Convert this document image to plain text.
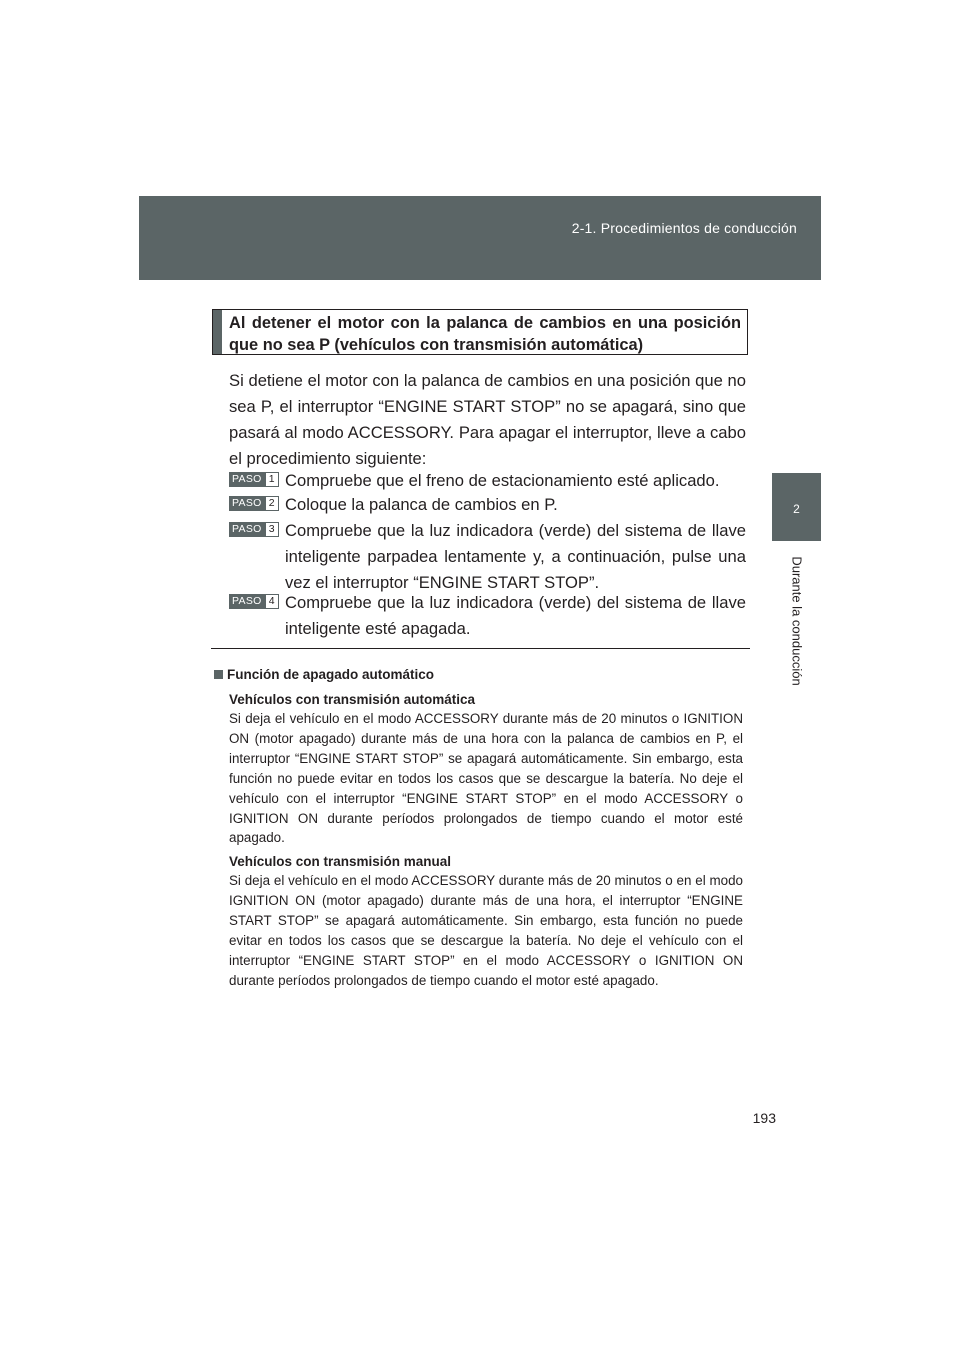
2-1. Procedimientos de conducción
2
Durante la conducción
Al detener el motor con la palanca de cambios en una posición que no sea P (vehículos con transmisión automática)

Si detiene el motor con la palanca de cambios en una posición que no sea P, el interruptor “ENGINE START STOP” no se apagará, sino que pasará al modo ACCESSORY. Para apagar el interruptor, lleve a cabo el procedimiento siguiente:

PASO 1 Compruebe que el freno de estacionamiento esté aplicado.
PASO 2 Coloque la palanca de cambios en P.
PASO 3 Compruebe que la luz indicadora (verde) del sistema de llave inteligente parpadea lentamente y, a continuación, pulse una vez el interruptor “ENGINE START STOP”.
PASO 4 Compruebe que la luz indicadora (verde) del sistema de llave inteligente esté apagada.
Función de apagado automático
Vehículos con transmisión automática

Si deja el vehículo en el modo ACCESSORY durante más de 20 minutos o IGNITION ON (motor apagado) durante más de una hora con la palanca de cambios en P, el interruptor “ENGINE START STOP” se apagará automáticamente. Sin embargo, esta función no puede evitar en todos los casos que se descargue la batería. No deje el vehículo con el interruptor “ENGINE START STOP” en el modo ACCESSORY o IGNITION ON durante períodos prolongados de tiempo cuando el motor esté apagado.

Vehículos con transmisión manual

Si deja el vehículo en el modo ACCESSORY durante más de 20 minutos o en el modo IGNITION ON (motor apagado) durante más de una hora, el interruptor “ENGINE START STOP” se apagará automáticamente. Sin embargo, esta función no puede evitar en todos los casos que se descargue la batería. No deje el vehículo con el interruptor “ENGINE START STOP” en el modo ACCESSORY o IGNITION ON durante períodos prolongados de tiempo cuando el motor esté apagado.

193
